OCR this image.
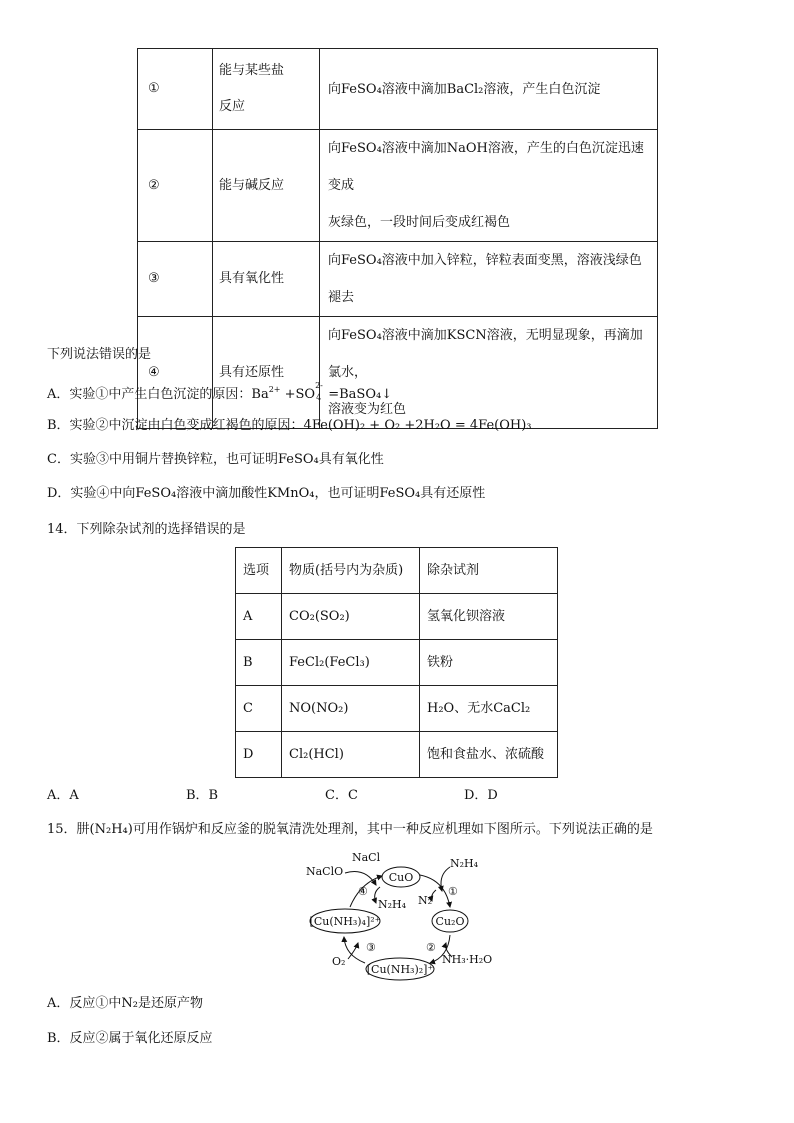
①	能与某些盐
反应	向FeSO₄溶液中滴加BaCl₂溶液，产生白色沉淀
②	能与碱反应	向FeSO₄溶液中滴加NaOH溶液，产生的白色沉淀迅速变成
灰绿色，一段时间后变成红褐色
③	具有氧化性	向FeSO₄溶液中加入锌粒，锌粒表面变黑，溶液浅绿色褪去
④	具有还原性	向FeSO₄溶液中滴加KSCN溶液，无明显现象，再滴加氯水，
溶液变为红色
下列说法错误的是
A．实验①中产生白色沉淀的原因：$Ba^{2+} +SO$
2-
4 =BaSO₄↓
B．实验②中沉淀由白色变成红褐色的原因：4Fe(OH)₂ + O₂ +2H₂O = 4Fe(OH)₃
C．实验③中用铜片替换锌粒，也可证明FeSO₄具有氧化性
D．实验④中向FeSO₄溶液中滴加酸性KMnO₄，也可证明FeSO₄具有还原性
14．下列除杂试剂的选择错误的是
选项	物质(括号内为杂质)	除杂试剂
A	CO₂(SO₂)	氢氧化钡溶液
B	FeCl₂(FeCl₃)	铁粉
C	NO(NO₂)	H₂O、无水CaCl₂
D	Cl₂(HCl)	饱和食盐水、浓硫酸
A．A	B．B	C．C	D．D
15．肼(N₂H₄)可用作锅炉和反应釜的脱氧清洗处理剂，其中一种反应机理如下图所示。下列说法正确的是
CuO
Cu₂O
[Cu(NH₃)₂]⁺
[Cu(NH₃)₄]²⁺
NaClO
NaCl
N₂H₄
N₂H₄
N₂
NH₃·H₂O
O₂
①
②
③
④
A．反应①中N₂是还原产物
B．反应②属于氧化还原反应
